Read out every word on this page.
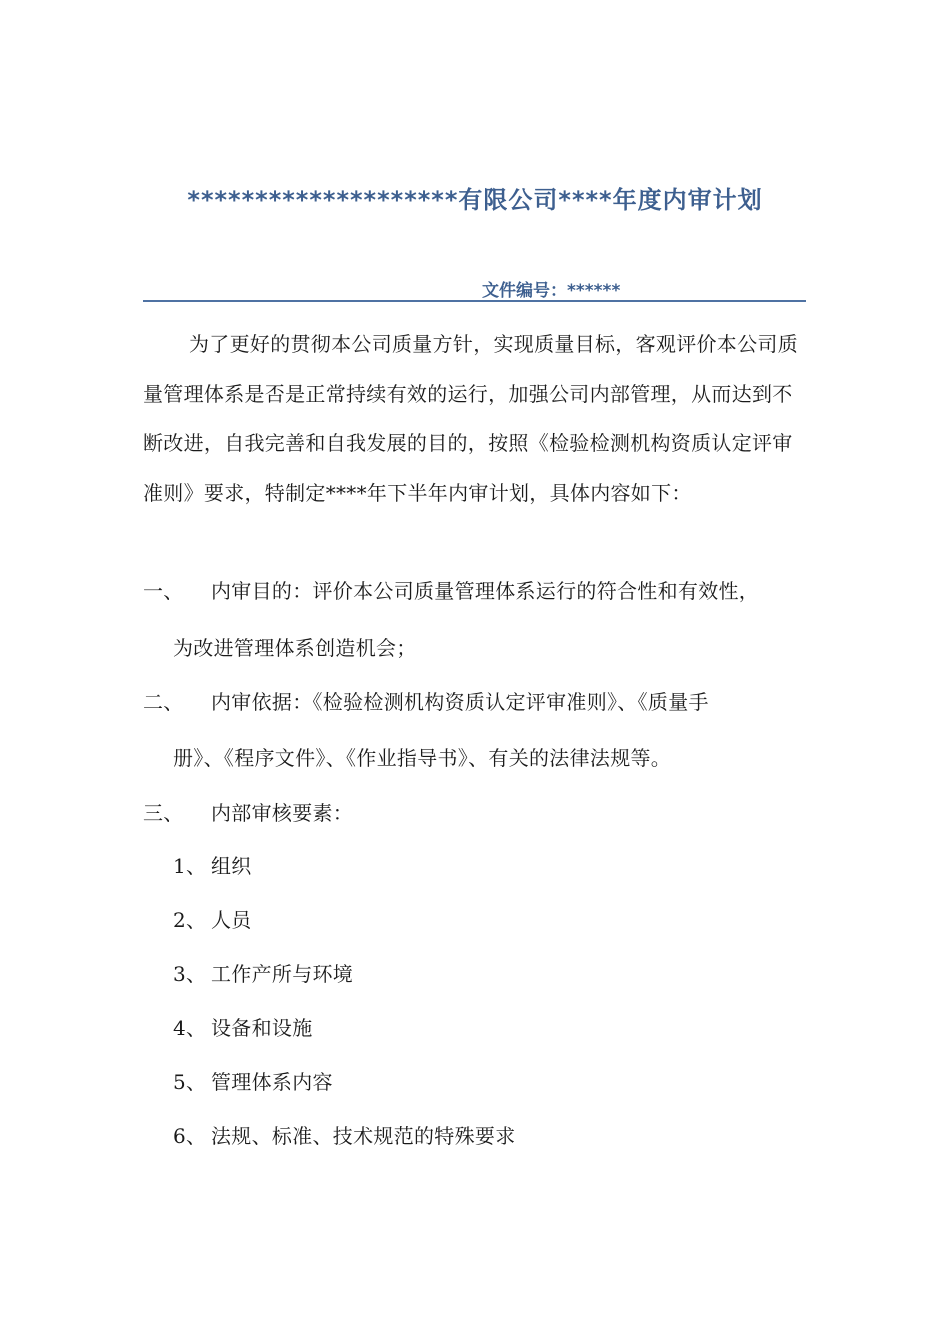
********************有限公司****年度内审计划
文件编号：******
为了更好的贯彻本公司质量方针，实现质量目标，客观评价本公司质量管理体系是否是正常持续有效的运行，加强公司内部管理，从而达到不断改进，自我完善和自我发展的目的，按照《检验检测机构资质认定评审准则》要求，特制定****年下半年内审计划，具体内容如下：
一、 内审目的：评价本公司质量管理体系运行的符合性和有效性，
为改进管理体系创造机会；
二、 内审依据：《检验检测机构资质认定评审准则》、《质量手
册》、《程序文件》、《作业指导书》、有关的法律法规等。
三、 内部审核要素：
1、 组织
2、 人员
3、 工作产所与环境
4、 设备和设施
5、 管理体系内容
6、 法规、标准、技术规范的特殊要求
